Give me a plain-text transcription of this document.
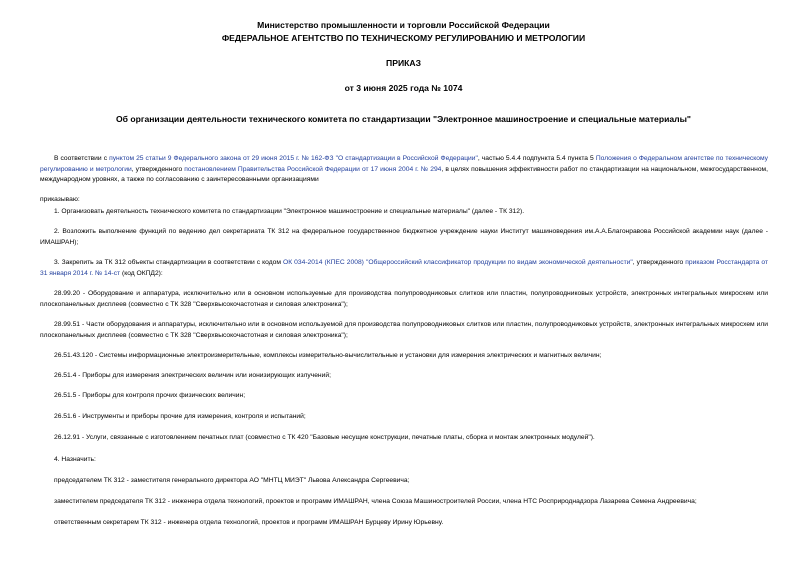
Министерство промышленности и торговли Российской Федерации
ФЕДЕРАЛЬНОЕ АГЕНТСТВО ПО ТЕХНИЧЕСКОМУ РЕГУЛИРОВАНИЮ И МЕТРОЛОГИИ
ПРИКАЗ
от 3 июня 2025 года № 1074
Об организации деятельности технического комитета по стандартизации "Электронное машиностроение и специальные материалы"

В соответствии с пунктом 25 статьи 9 Федерального закона от 29 июня 2015 г. № 162-ФЗ "О стандартизации в Российской Федерации", частью 5.4.4 подпункта 5.4 пункта 5 Положения о Федеральном агентстве по техническому регулированию и метрологии, утвержденного постановлением Правительства Российской Федерации от 17 июня 2004 г. № 294, в целях повышения эффективности работ по стандартизации на национальном, межгосударственном, международном уровнях, а также по согласованию с заинтересованными организациями

приказываю:

1. Организовать деятельность технического комитета по стандартизации "Электронное машиностроение и специальные материалы" (далее - ТК 312).

2. Возложить выполнение функций по ведению дел секретариата ТК 312 на федеральное государственное бюджетное учреждение науки Институт машиноведения им.А.А.Благонравова Российской академии наук (далее - ИМАШРАН);

3. Закрепить за ТК 312 объекты стандартизации в соответствии с кодом ОК 034-2014 (КПЕС 2008) "Общероссийский классификатор продукции по видам экономической деятельности", утвержденного приказом Росстандарта от 31 января 2014 г. № 14-ст (код ОКПД2):

28.99.20 - Оборудование и аппаратура, исключительно или в основном используемые для производства полупроводниковых слитков или пластин, полупроводниковых устройств, электронных интегральных микросхем или плоскопанельных дисплеев (совместно с ТК 328 "Сверхвысокочастотная и силовая электроника");

28.99.51 - Части оборудования и аппаратуры, исключительно или в основном используемой для производства полупроводниковых слитков или пластин, полупроводниковых устройств, электронных интегральных микросхем или плоскопанельных дисплеев (совместно с ТК 328 "Сверхвысокочастотная и силовая электроника");

26.51.43.120 - Системы информационные электроизмерительные, комплексы измерительно-вычислительные и установки для измерения электрических и магнитных величин;

26.51.4 - Приборы для измерения электрических величин или ионизирующих излучений;

26.51.5 - Приборы для контроля прочих физических величин;

26.51.6 - Инструменты и приборы прочие для измерения, контроля и испытаний;

26.12.91 - Услуги, связанные с изготовлением печатных плат (совместно с ТК 420 "Базовые несущие конструкции, печатные платы, сборка и монтаж электронных модулей").

4. Назначить:

председателем ТК 312 - заместителя генерального директора АО "МНТЦ МИЭТ" Львова Александра Сергеевича;

заместителем председателя ТК 312 - инженера отдела технологий, проектов и программ ИМАШРАН, члена Союза Машиностроителей России, члена НТС Росприроднадзора Лазарева Семена Андреевича;

ответственным секретарем ТК 312 - инженера отдела технологий, проектов и программ ИМАШРАН Бурцеву Ирину Юрьевну.
